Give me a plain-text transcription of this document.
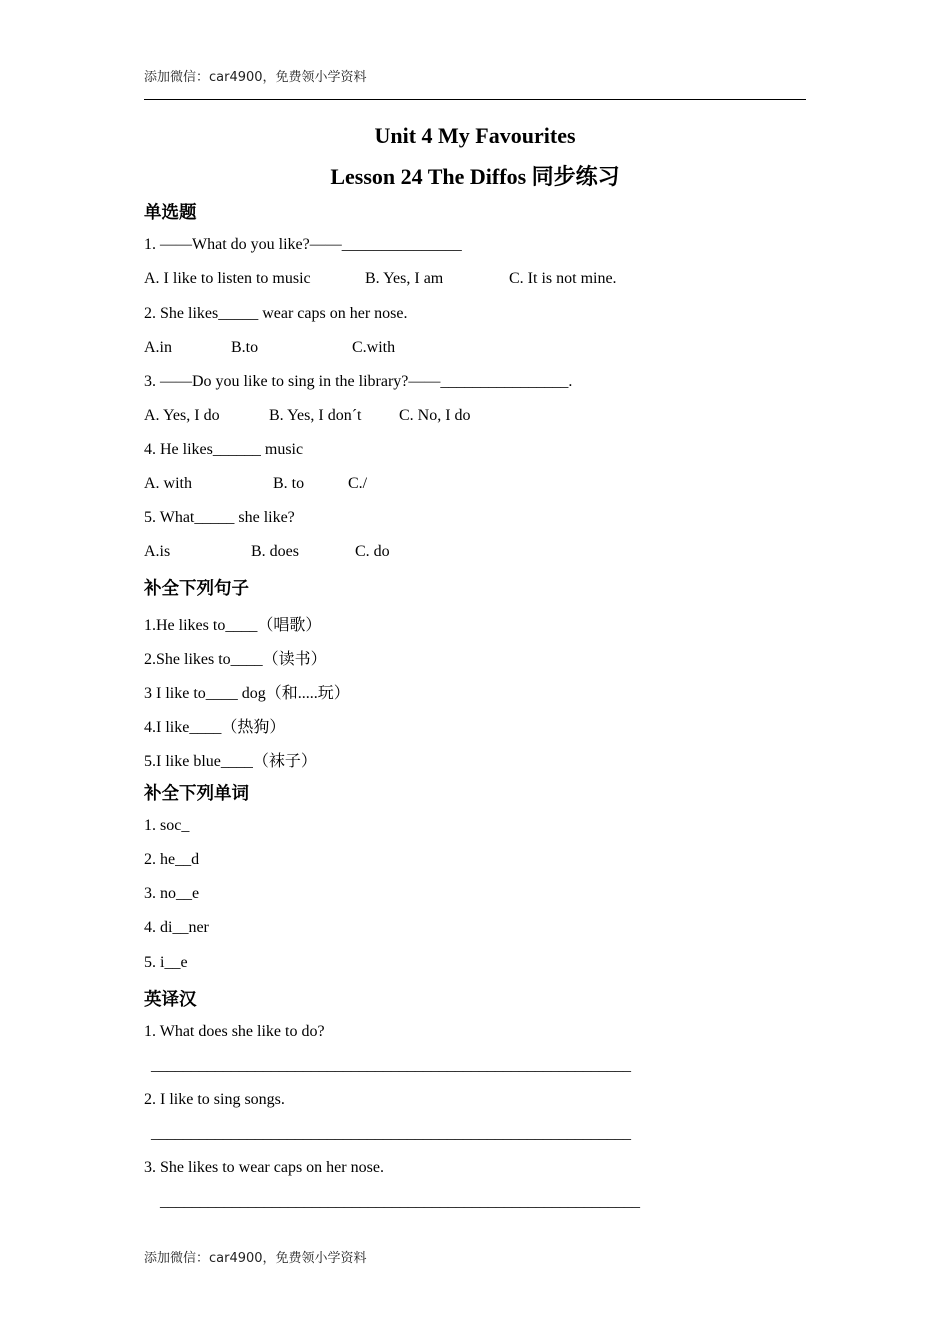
添加微信：car4900，免费领小学资料
Unit 4 My Favourites
Lesson 24 The Diffos 同步练习
单选题
1. ——What do you like?——_______________
A. I like to listen to music	B. Yes, I am	C. It is not mine.
2. She likes_____ wear caps on her nose.
A.in	B.to	C.with
3. ——Do you like to sing in the library?——________________.
A. Yes, I do	B. Yes, I don´t C. No, I do
4. He likes______ music
A. with	B. to	C./
5. What_____ she like?
A.is	B. does	C. do
补全下列句子
1.He likes to____（唱歌）
2.She likes to____（读书）
3 I like to____ dog（和.....玩）
4.I like____（热狗）
5.I like blue____（袜子）
补全下列单词
1. soc_
2. he__d
3. no__e
4. di__ner
5. i__e
英译汉
1. What does she like to do?
____________________________________________________________
2. I like to sing songs.
____________________________________________________________
3. She likes to wear caps on her nose.
____________________________________________________________
添加微信：car4900，免费领小学资料
